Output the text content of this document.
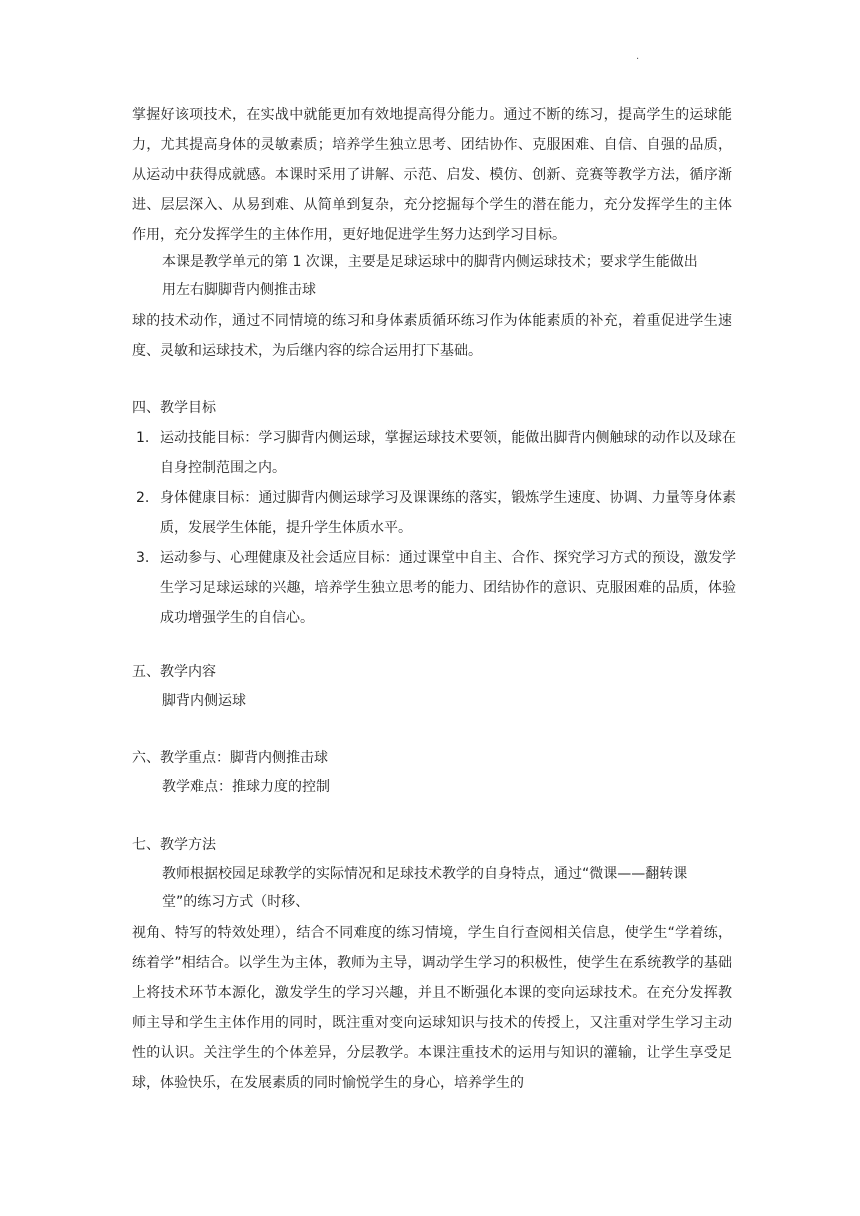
·

掌握好该项技术，在实战中就能更加有效地提高得分能力。通过不断的练习，提高学生的运球能力，尤其提高身体的灵敏素质；培养学生独立思考、团结协作、克服困难、自信、自强的品质，从运动中获得成就感。本课时采用了讲解、示范、启发、模仿、创新、竞赛等教学方法，循序渐进、层层深入、从易到难、从简单到复杂，充分挖掘每个学生的潜在能力，充分发挥学生的主体作用，充分发挥学生的主体作用，更好地促进学生努力达到学习目标。

本课是教学单元的第 1 次课，主要是足球运球中的脚背内侧运球技术；要求学生能做出

用左右脚脚背内侧推击球

球的技术动作，通过不同情境的练习和身体素质循环练习作为体能素质的补充，着重促进学生速度、灵敏和运球技术，为后继内容的综合运用打下基础。

四、教学目标

1. 运动技能目标：学习脚背内侧运球，掌握运球技术要领，能做出脚背内侧触球的动作以及球在自身控制范围之内。
2. 身体健康目标：通过脚背内侧运球学习及课课练的落实，锻炼学生速度、协调、力量等身体素质，发展学生体能，提升学生体质水平。
3. 运动参与、心理健康及社会适应目标：通过课堂中自主、合作、探究学习方式的预设，激发学生学习足球运球的兴趣，培养学生独立思考的能力、团结协作的意识、克服困难的品质，体验成功增强学生的自信心。

五、教学内容

脚背内侧运球

六、教学重点：脚背内侧推击球

教学难点：推球力度的控制

七、教学方法

教师根据校园足球教学的实际情况和足球技术教学的自身特点，通过“微课——翻转课

堂”的练习方式（时移、

视角、特写的特效处理），结合不同难度的练习情境，学生自行查阅相关信息，使学生“学着练，练着学”相结合。以学生为主体，教师为主导，调动学生学习的积极性，使学生在系统教学的基础上将技术环节本源化，激发学生的学习兴趣，并且不断强化本课的变向运球技术。在充分发挥教师主导和学生主体作用的同时，既注重对变向运球知识与技术的传授上，又注重对学生学习主动性的认识。关注学生的个体差异，分层教学。本课注重技术的运用与知识的灌输，让学生享受足球，体验快乐，在发展素质的同时愉悦学生的身心，培养学生的
